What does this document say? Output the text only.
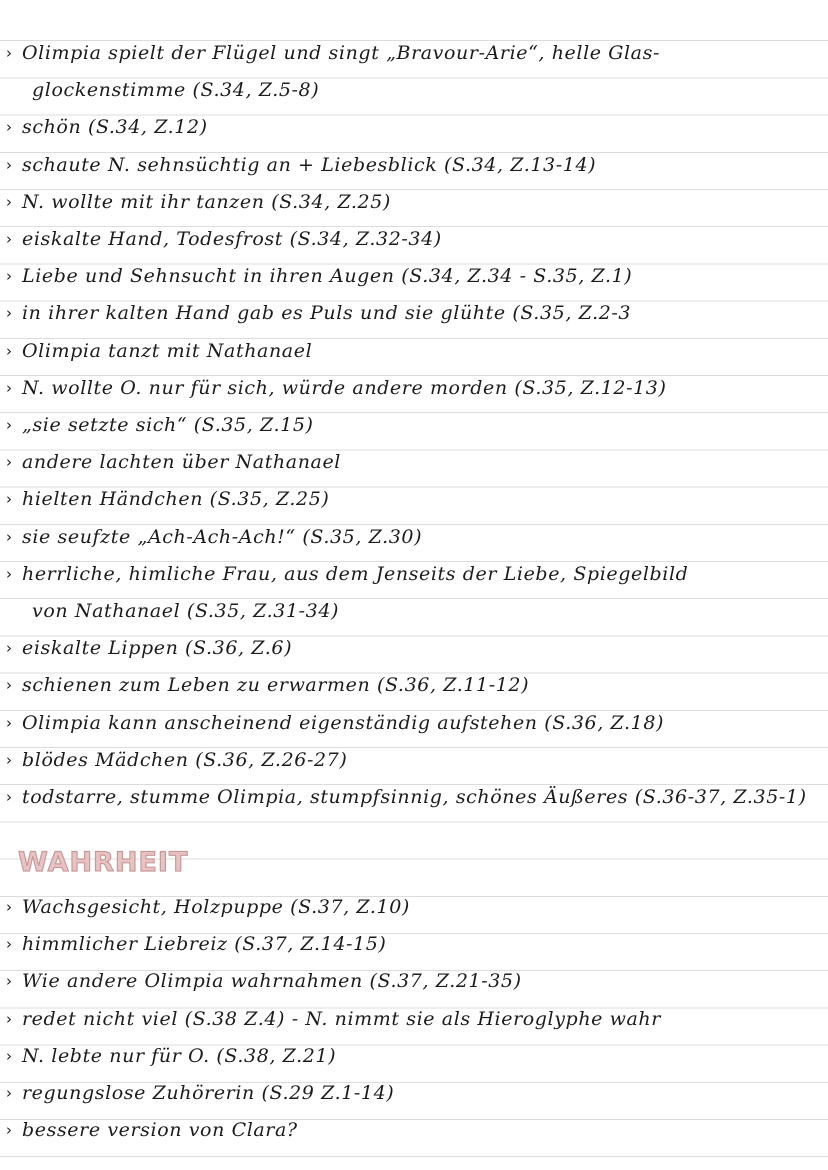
› Olimpia spielt der Flügel und singt „Bravour-Arie“, helle Glas-
glockenstimme (S.34, Z.5-8)
› schön (S.34, Z.12)
› schaute N. sehnsüchtig an + Liebesblick (S.34, Z.13-14)
› N. wollte mit ihr tanzen (S.34, Z.25)
› eiskalte Hand, Todesfrost (S.34, Z.32-34)
› Liebe und Sehnsucht in ihren Augen (S.34, Z.34 - S.35, Z.1)
› in ihrer kalten Hand gab es Puls und sie glühte (S.35, Z.2-3
› Olimpia tanzt mit Nathanael
› N. wollte O. nur für sich, würde andere morden (S.35, Z.12-13)
› „sie setzte sich“ (S.35, Z.15)
› andere lachten über Nathanael
› hielten Händchen (S.35, Z.25)
› sie seufzte „Ach-Ach-Ach!“ (S.35, Z.30)
› herrliche, himliche Frau, aus dem Jenseits der Liebe, Spiegelbild
von Nathanael (S.35, Z.31-34)
› eiskalte Lippen (S.36, Z.6)
› schienen zum Leben zu erwarmen (S.36, Z.11-12)
› Olimpia kann anscheinend eigenständig aufstehen (S.36, Z.18)
› blödes Mädchen (S.36, Z.26-27)
› todstarre, stumme Olimpia, stumpfsinnig, schönes Äußeres (S.36-37, Z.35-1)
WAHRHEIT
› Wachsgesicht, Holzpuppe (S.37, Z.10)
› himmlicher Liebreiz (S.37, Z.14-15)
› Wie andere Olimpia wahrnahmen (S.37, Z.21-35)
› redet nicht viel (S.38 Z.4) - N. nimmt sie als Hieroglyphe wahr
› N. lebte nur für O. (S.38, Z.21)
› regungslose Zuhörerin (S.29 Z.1-14)
› bessere version von Clara?
